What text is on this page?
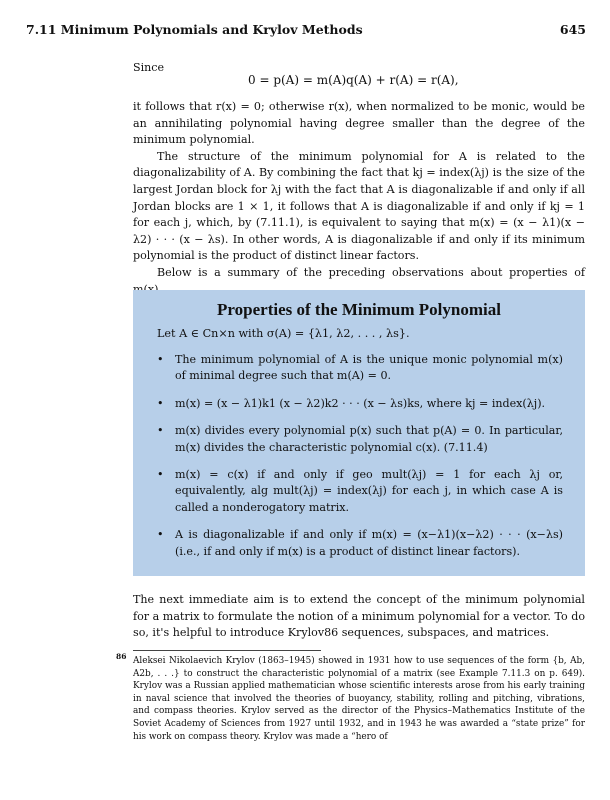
7.11 Minimum Polynomials and Krylov Methods	645

Since

0 = p(A) = m(A)q(A) + r(A) = r(A),

it follows that r(x) = 0; otherwise r(x), when normalized to be monic, would be an annihilating polynomial having degree smaller than the degree of the minimum polynomial.

The structure of the minimum polynomial for A is related to the diagonalizability of A. By combining the fact that kj = index(λj) is the size of the largest Jordan block for λj with the fact that A is diagonalizable if and only if all Jordan blocks are 1 × 1, it follows that A is diagonalizable if and only if kj = 1 for each j, which, by (7.11.1), is equivalent to saying that m(x) = (x − λ1)(x − λ2) · · · (x − λs). In other words, A is diagonalizable if and only if its minimum polynomial is the product of distinct linear factors.

Below is a summary of the preceding observations about properties of

Properties of the Minimum Polynomial
Let A ∈ Cn×n with σ(A) = {λ1, λ2, . . . , λs}.
• The minimum polynomial of A is the unique monic polynomial m(x) of minimal degree such that m(A) = 0.
• m(x) = (x − λ1)k1 (x − λ2)k2 · · · (x − λs)ks, where kj = index(λj).
• m(x) divides every polynomial p(x) such that p(A) = 0. In particular, m(x) divides the characteristic polynomial c(x). (7.11.4)
• m(x) = c(x) if and only if geo mult(λj) = 1 for each λj or, equivalently, alg mult(λj) = index(λj) for each j, in which case A is called a nonderogatory matrix.
• A is diagonalizable if and only if m(x) = (x−λ1)(x−λ2) · · · (x−λs) (i.e., if and only if m(x) is a product of distinct linear factors).
The next immediate aim is to extend the concept of the minimum polynomial for a matrix to formulate the notion of a minimum polynomial for a vector. To do so, it's helpful to introduce Krylov86 sequences, subspaces, and matrices.
86 Aleksei Nikolaevich Krylov (1863–1945) showed in 1931 how to use sequences of the form {b, Ab, A2b, . . .} to construct the characteristic polynomial of a matrix (see Example 7.11.3 on p. 649). Krylov was a Russian applied mathematician whose scientific interests arose from his early training in naval science that involved the theories of buoyancy, stability, rolling and pitching, vibrations, and compass theories. Krylov served as the director of the Physics–Mathematics Institute of the Soviet Academy of Sciences from 1927 until 1932, and in 1943 he was awarded a “state prize” for his work on compass theory. Krylov was made a “hero of
